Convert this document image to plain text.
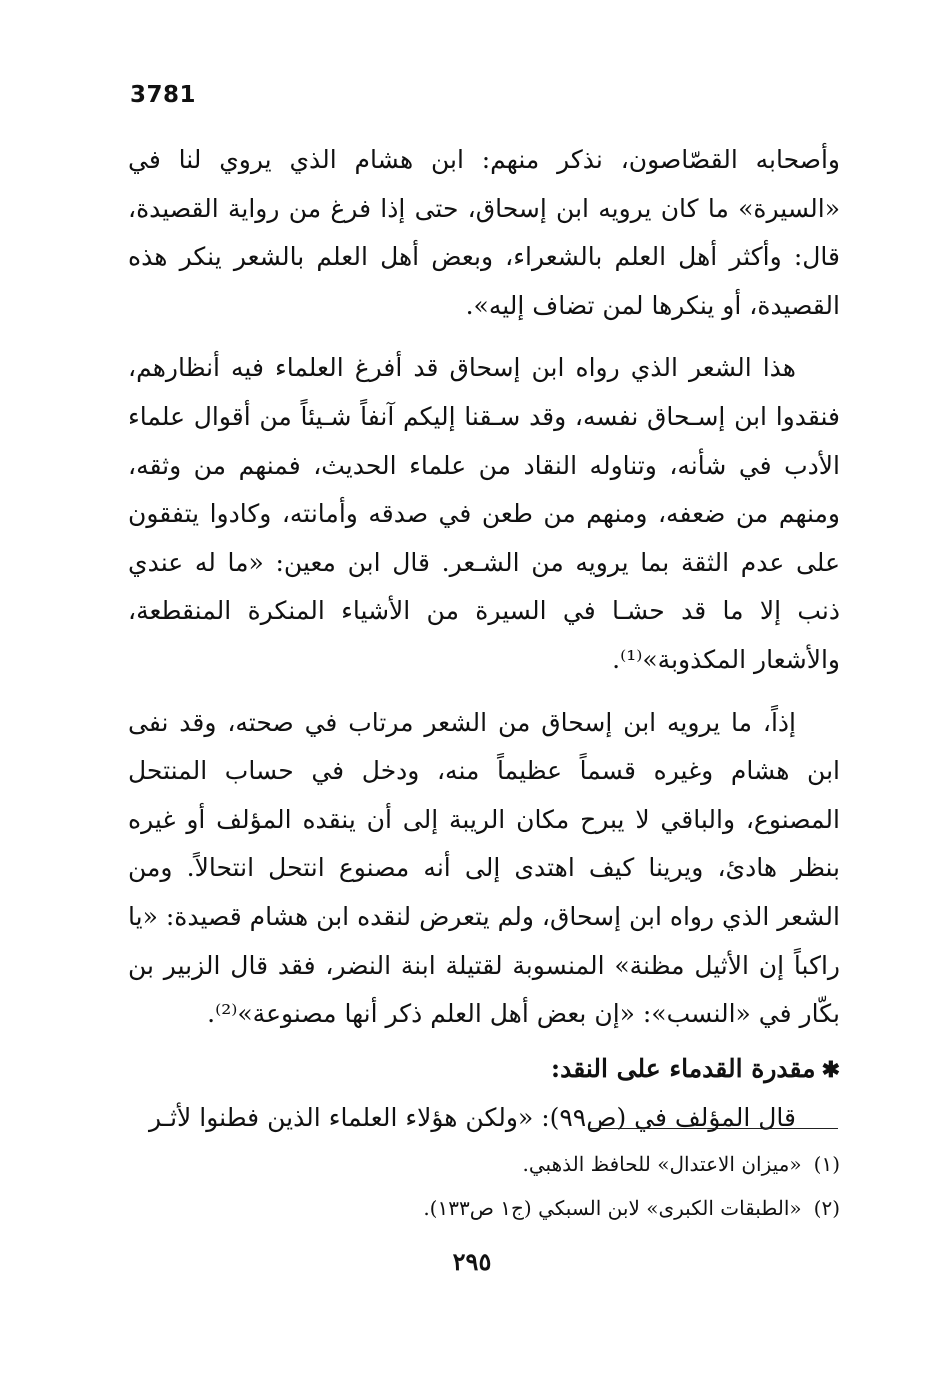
3781

وأصحابه القصّاصون، نذكر منهم: ابن هشام الذي يروي لنا في «السيرة» ما كان يرويه ابن إسحاق، حتى إذا فرغ من رواية القصيدة، قال: وأكثر أهل العلم بالشعراء، وبعض أهل العلم بالشعر ينكر هذه القصيدة، أو ينكرها لمن تضاف إليه».

هذا الشعر الذي رواه ابن إسحاق قد أفرغ العلماء فيه أنظارهم، فنقدوا ابن إسـحاق نفسه، وقد سـقنا إليكم آنفاً شـيئاً من أقوال علماء الأدب في شأنه، وتناوله النقاد من علماء الحديث، فمنهم من وثقه، ومنهم من ضعفه، ومنهم من طعن في صدقه وأمانته، وكادوا يتفقون على عدم الثقة بما يرويه من الشـعر. قال ابن معين: «ما له عندي ذنب إلا ما قد حشـا في السيرة من الأشياء المنكرة المنقطعة، والأشعار المكذوبة»⁽¹⁾.

إذاً، ما يرويه ابن إسحاق من الشعر مرتاب في صحته، وقد نفى ابن هشام وغيره قسماً عظيماً منه، ودخل في حساب المنتحل المصنوع، والباقي لا يبرح مكان الريبة إلى أن ينقده المؤلف أو غيره بنظر هادئ، ويرينا كيف اهتدى إلى أنه مصنوع انتحل انتحالاً. ومن الشعر الذي رواه ابن إسحاق، ولم يتعرض لنقده ابن هشام قصيدة: «يا راكباً إن الأثيل مظنة» المنسوبة لقتيلة ابنة النضر، فقد قال الزبير بن بكّار في «النسب»: «إن بعض أهل العلم ذكر أنها مصنوعة»⁽²⁾.

✱مقدرة القدماء على النقد:

قال المؤلف في (ص٩٩): «ولكن هؤلاء العلماء الذين فطنوا لأثـر

(١)«ميزان الاعتدال» للحافظ الذهبي.

(٢)«الطبقات الكبرى» لابن السبكي (ج١ ص١٣٣).

٢٩٥
